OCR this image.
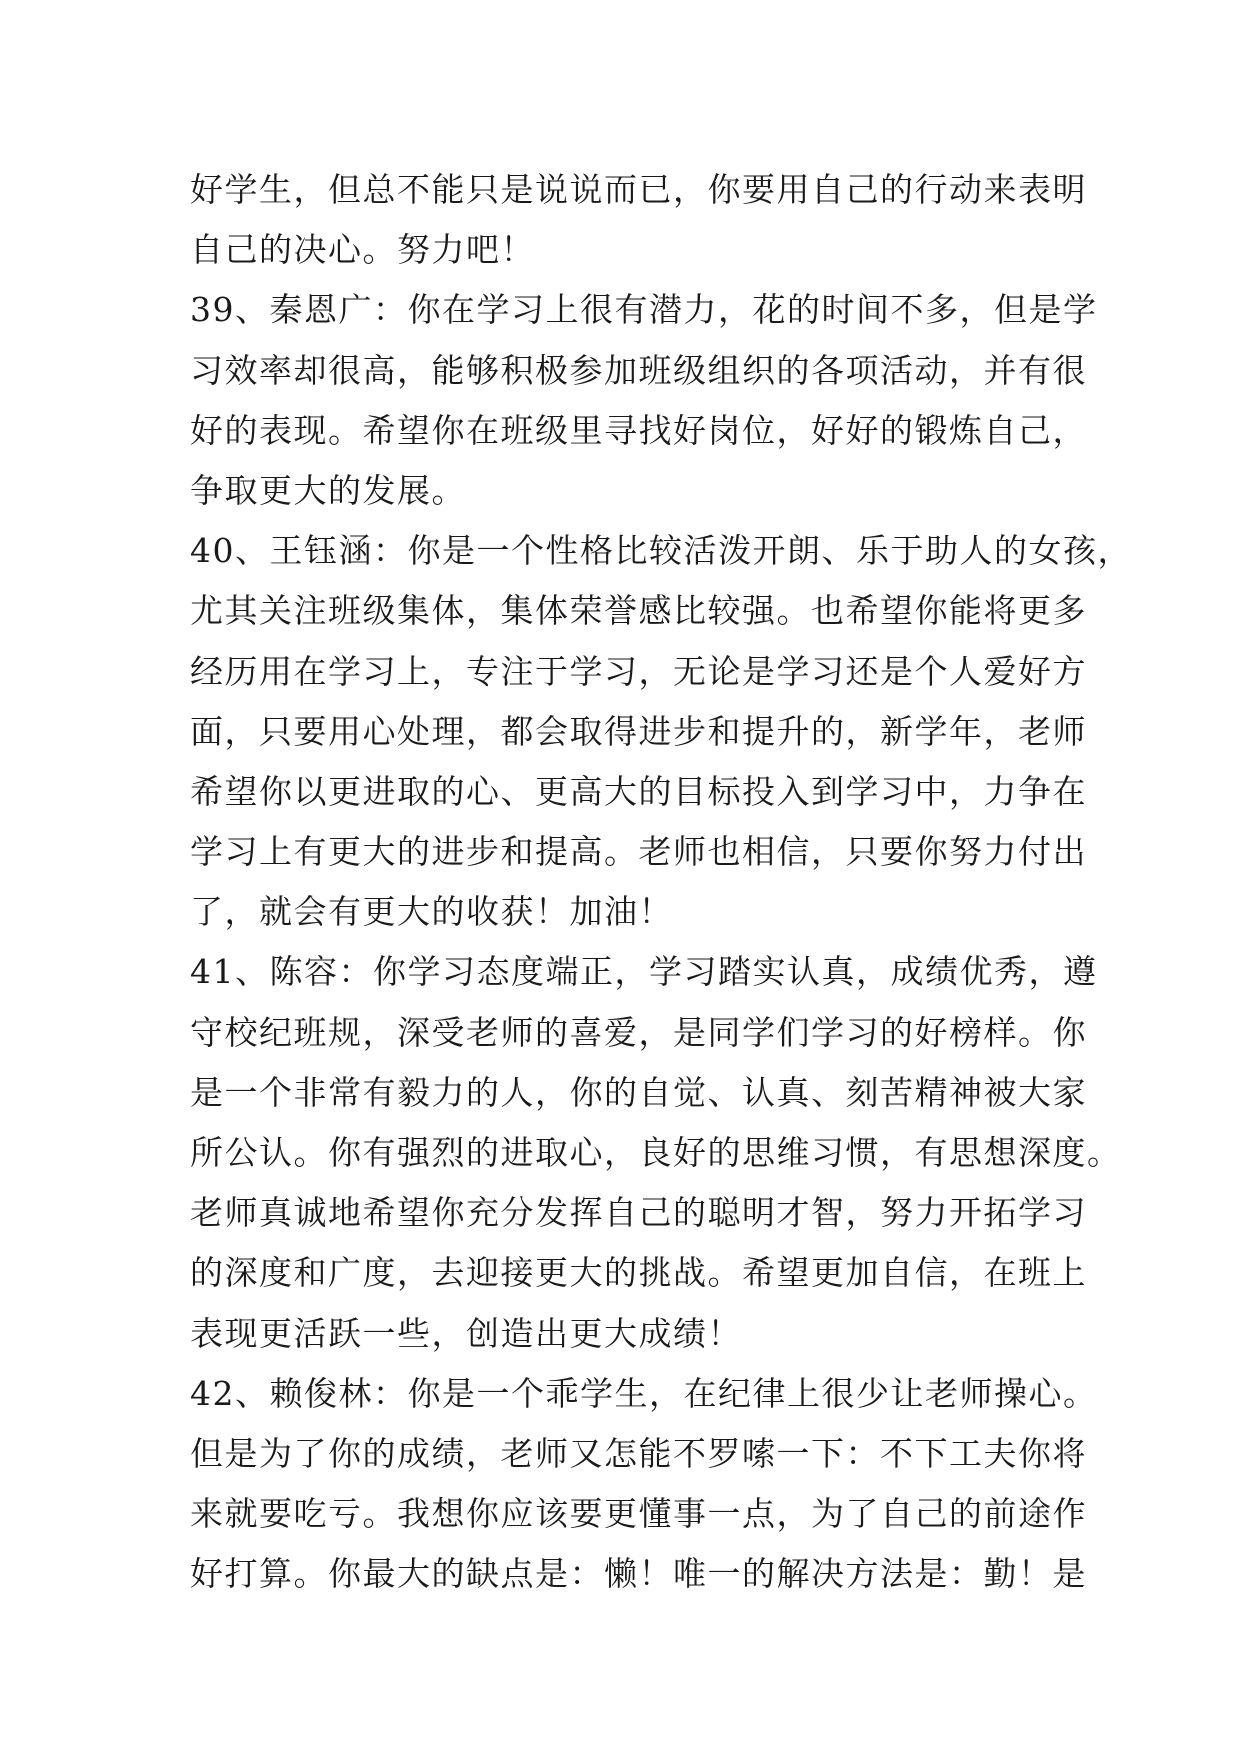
好学生，但总不能只是说说而已，你要用自己的行动来表明
自己的决心。努力吧！
39、秦恩广：你在学习上很有潜力，花的时间不多，但是学
习效率却很高，能够积极参加班级组织的各项活动，并有很
好的表现。希望你在班级里寻找好岗位，好好的锻炼自己，
争取更大的发展。
40、王钰涵：你是一个性格比较活泼开朗、乐于助人的女孩，
尤其关注班级集体，集体荣誉感比较强。也希望你能将更多
经历用在学习上，专注于学习，无论是学习还是个人爱好方
面，只要用心处理，都会取得进步和提升的，新学年，老师
希望你以更进取的心、更高大的目标投入到学习中，力争在
学习上有更大的进步和提高。老师也相信，只要你努力付出
了，就会有更大的收获！加油！
41、陈容：你学习态度端正，学习踏实认真，成绩优秀，遵
守校纪班规，深受老师的喜爱，是同学们学习的好榜样。你
是一个非常有毅力的人，你的自觉、认真、刻苦精神被大家
所公认。你有强烈的进取心，良好的思维习惯，有思想深度。
老师真诚地希望你充分发挥自己的聪明才智，努力开拓学习
的深度和广度，去迎接更大的挑战。希望更加自信，在班上
表现更活跃一些，创造出更大成绩！
42、赖俊林：你是一个乖学生，在纪律上很少让老师操心。
但是为了你的成绩，老师又怎能不罗嗦一下：不下工夫你将
来就要吃亏。我想你应该要更懂事一点，为了自己的前途作
好打算。你最大的缺点是：懒！唯一的解决方法是：勤！是
